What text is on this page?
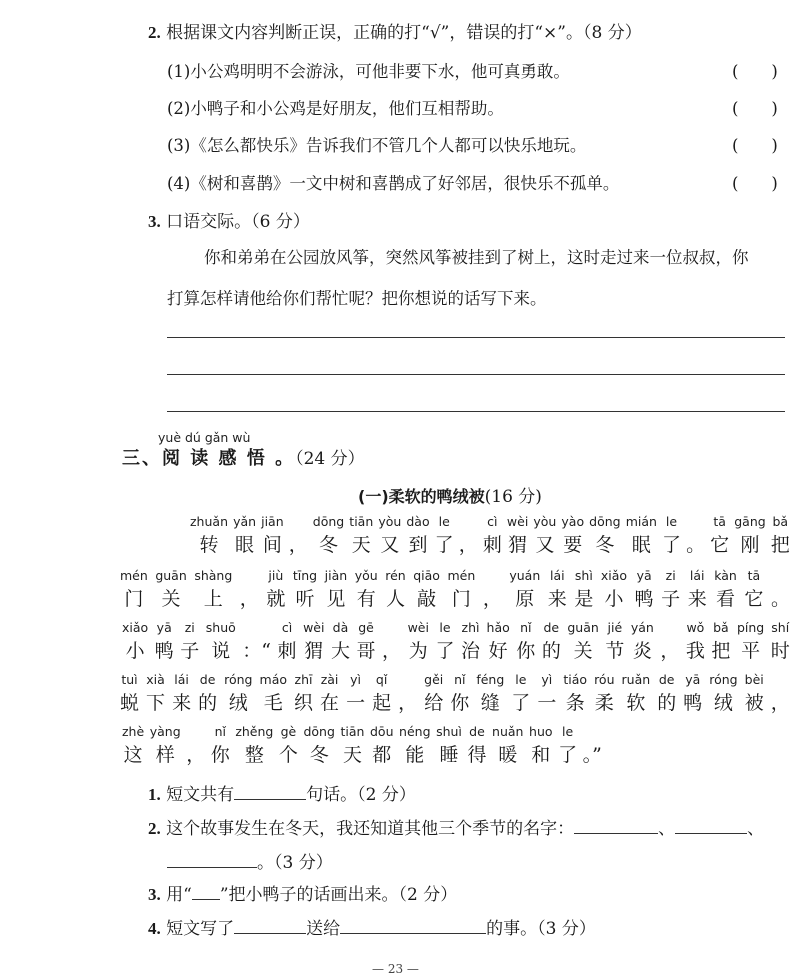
2. 根据课文内容判断正误，正确的打“√”，错误的打“×”。（8 分）
(1)小公鸡明明不会游泳，可他非要下水，他可真勇敢。	(　　)
(2)小鸭子和小公鸡是好朋友，他们互相帮助。	(　　)
(3)《怎么都快乐》告诉我们不管几个人都可以快乐地玩。	(　　)
(4)《树和喜鹊》一文中树和喜鹊成了好邻居，很快乐不孤单。	(　　)
3. 口语交际。（6 分）
你和弟弟在公园放风筝，突然风筝被挂到了树上，这时走过来一位叔叔，你
打算怎样请他给你们帮忙呢？把你想说的话写下来。
yuè dú gǎn wù
三、阅 读 感 悟 。（24 分）
(一)柔软的鸭绒被(16 分)
zhuǎn
转
yǎn
眼
jiān
间 ，
dōng
冬
tiān
天
yòu
又
dào
到
le
了 ，
cì
刺
wèi
猬
yòu
又
yào
要
dōng
冬
mián
眠
le
了 。
tā
它
gāng
刚
bǎ
把
mén
门
guān
关
shàng
上 ，
jiù
就
tīng
听
jiàn
见
yǒu
有
rén
人
qiāo
敲
mén
门 ，
yuán
原
lái
来
shì
是
xiǎo
小
yā
鸭
zi
子
lái
来
kàn
看
tā
它 。
xiǎo
小
yā
鸭
zi
子
shuō
说 ：“
cì
刺
wèi
猬
dà
大
gē
哥 ，
wèi
为
le
了
zhì
治
hǎo
好
nǐ
你
de
的
guān
关
jié
节
yán
炎 ，
wǒ
我
bǎ
把
píng
平
shí
时
tuì
蜕
xià
下
lái
来
de
的
róng
绒
máo
毛
zhī
织
zài
在
yì
一
qǐ
起 ，
gěi
给
nǐ
你
féng
缝
le
了
yì
一
tiáo
条
róu
柔
ruǎn
软
de
的
yā
鸭
róng
绒
bèi
被 ，
zhè
这
yàng
样 ，
nǐ
你
zhěng
整
gè
个
dōng
冬
tiān
天
dōu
都
néng
能
shuì
睡
de
得
nuǎn
暖
huo
和
le
了 。”
1. 短文共有	句话。（2 分）
2. 这个故事发生在冬天，我还知道其他三个季节的名字：	、	、
。（3 分）
3. 用“ ”把小鸭子的话画出来。（2 分）
— 23 —
4. 短文写了	送给	的事。（3 分）
